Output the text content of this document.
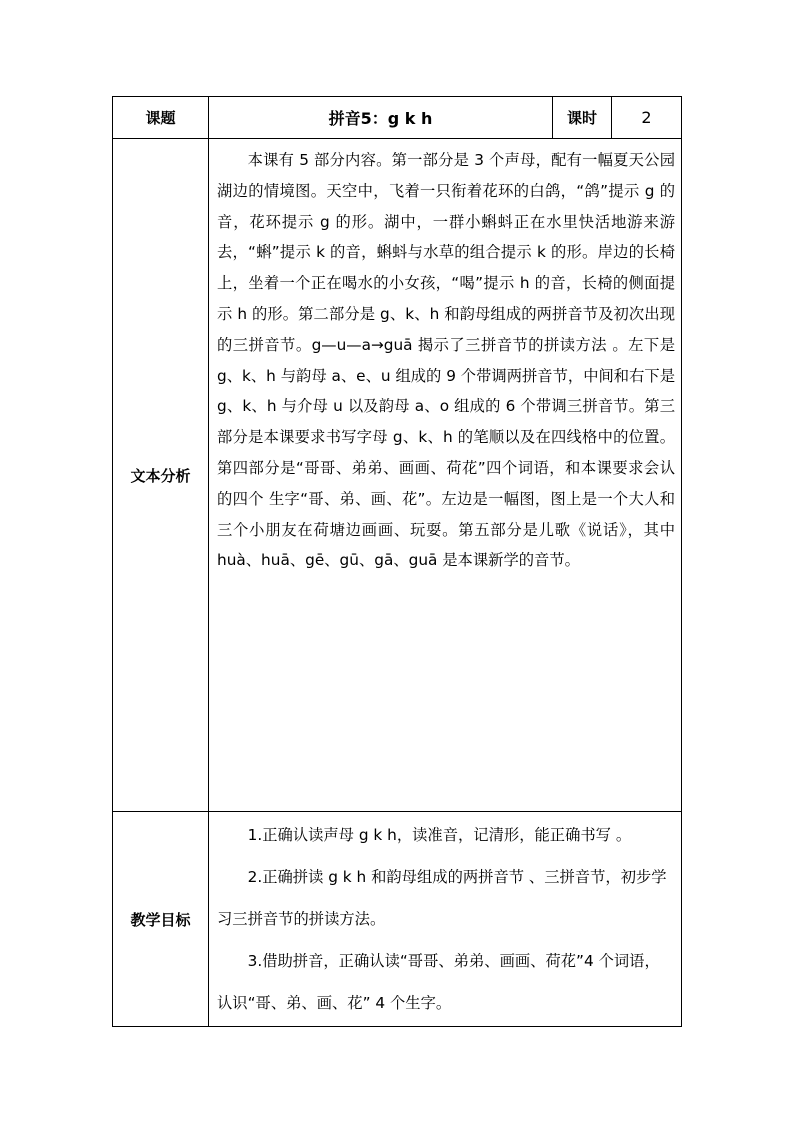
课题	拼音5：g k h	课时	2
文本分析	本课有 5 部分内容。第一部分是 3 个声母，配有一幅夏天公园湖边的情境图。天空中，飞着一只衔着花环的白鸽，“鸽”提示 g 的音，花环提示 g 的形。湖中，一群小蝌蚪正在水里快活地游来游去，“蝌”提示 k 的音，蝌蚪与水草的组合提示 k 的形。岸边的长椅上，坐着一个正在喝水的小女孩，“喝”提示 h 的音，长椅的侧面提示 h 的形。第二部分是 g、k、h 和韵母组成的两拼音节及初次出现的三拼音节。g—u—a→guā 揭示了三拼音节的拼读方法 。左下是 g、k、h 与韵母 a、e、u 组成的 9 个带调两拼音节，中间和右下是 g、k、h 与介母 u 以及韵母 a、o 组成的 6 个带调三拼音节。第三部分是本课要求书写字母 g、k、h 的笔顺以及在四线格中的位置。第四部分是“哥哥、弟弟、画画、荷花”四个词语，和本课要求会认的四个 生字“哥、弟、画、花”。左边是一幅图，图上是一个大人和三个小朋友在荷塘边画画、玩耍。第五部分是儿歌《说话》，其中 huà、huā、gē、gū、gā、guā 是本课新学的音节。		

教学目标	1.正确认读声母 g k h，读准音，记清形，能正确书写 。

2.正确拼读 g k h 和韵母组成的两拼音节 、三拼音节，初步学习三拼音节的拼读方法。

3.借助拼音，正确认读“哥哥、弟弟、画画、荷花”4 个词语，认识“哥、弟、画、花” 4 个生字。		
